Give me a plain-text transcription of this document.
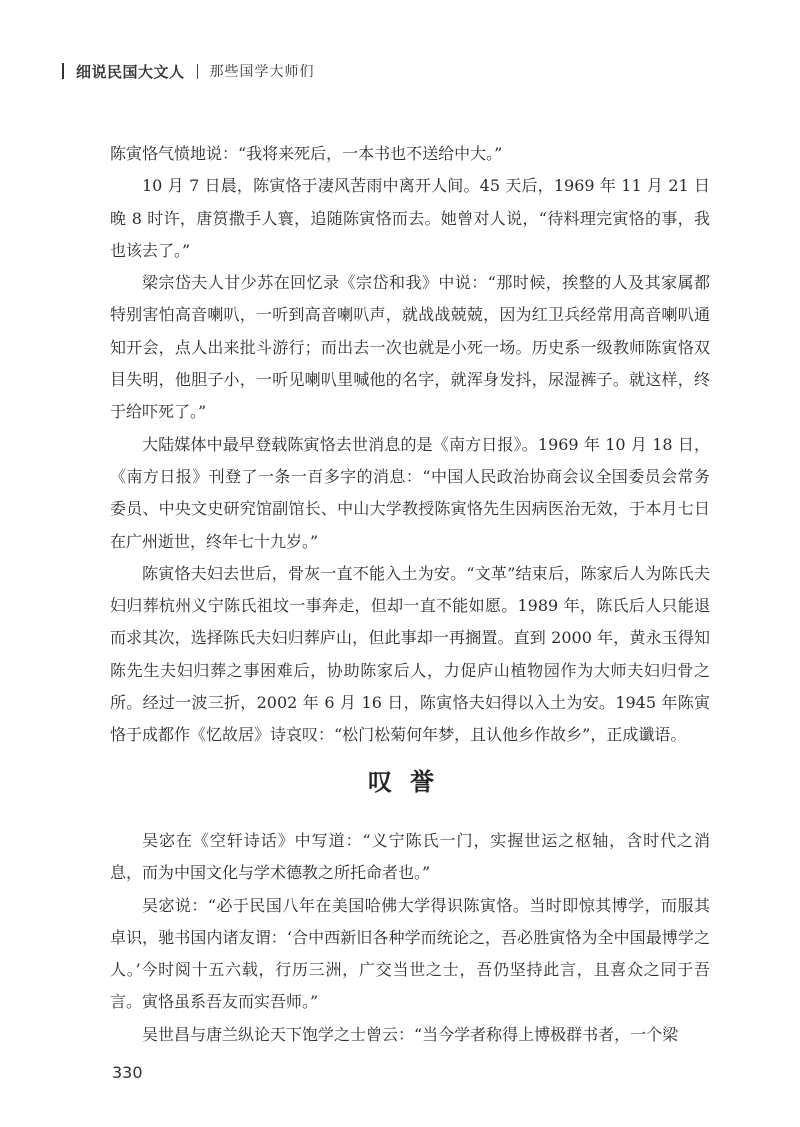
细说民国大文人 那些国学大师们

陈寅恪气愤地说：“我将来死后，一本书也不送给中大。”

10 月 7 日晨，陈寅恪于凄风苦雨中离开人间。45 天后，1969 年 11 月 21 日晚 8 时许，唐筼撒手人寰，追随陈寅恪而去。她曾对人说，“待料理完寅恪的事，我也该去了。”

梁宗岱夫人甘少苏在回忆录《宗岱和我》中说：“那时候，挨整的人及其家属都特别害怕高音喇叭，一听到高音喇叭声，就战战兢兢，因为红卫兵经常用高音喇叭通知开会，点人出来批斗游行；而出去一次也就是小死一场。历史系一级教师陈寅恪双目失明，他胆子小，一听见喇叭里喊他的名字，就浑身发抖，尿湿裤子。就这样，终于给吓死了。”

大陆媒体中最早登载陈寅恪去世消息的是《南方日报》。1969 年 10 月 18 日，《南方日报》刊登了一条一百多字的消息：“中国人民政治协商会议全国委员会常务委员、中央文史研究馆副馆长、中山大学教授陈寅恪先生因病医治无效，于本月七日在广州逝世，终年七十九岁。”

陈寅恪夫妇去世后，骨灰一直不能入土为安。“文革”结束后，陈家后人为陈氏夫妇归葬杭州义宁陈氏祖坟一事奔走，但却一直不能如愿。1989 年，陈氏后人只能退而求其次，选择陈氏夫妇归葬庐山，但此事却一再搁置。直到 2000 年，黄永玉得知陈先生夫妇归葬之事困难后，协助陈家后人，力促庐山植物园作为大师夫妇归骨之所。经过一波三折，2002 年 6 月 16 日，陈寅恪夫妇得以入土为安。1945 年陈寅恪于成都作《忆故居》诗哀叹：“松门松菊何年梦，且认他乡作故乡”，正成谶语。

叹誉

吴宓在《空轩诗话》中写道：“义宁陈氏一门，实握世运之枢轴，含时代之消息，而为中国文化与学术德教之所托命者也。”

吴宓说：“必于民国八年在美国哈佛大学得识陈寅恪。当时即惊其博学，而服其卓识，驰书国内诸友谓：‘合中西新旧各种学而统论之，吾必胜寅恪为全中国最博学之人。’今时阅十五六载，行历三洲，广交当世之士，吾仍坚持此言，且喜众之同于吾言。寅恪虽系吾友而实吾师。”

吴世昌与唐兰纵论天下饱学之士曾云：“当今学者称得上博极群书者，一个梁

330
